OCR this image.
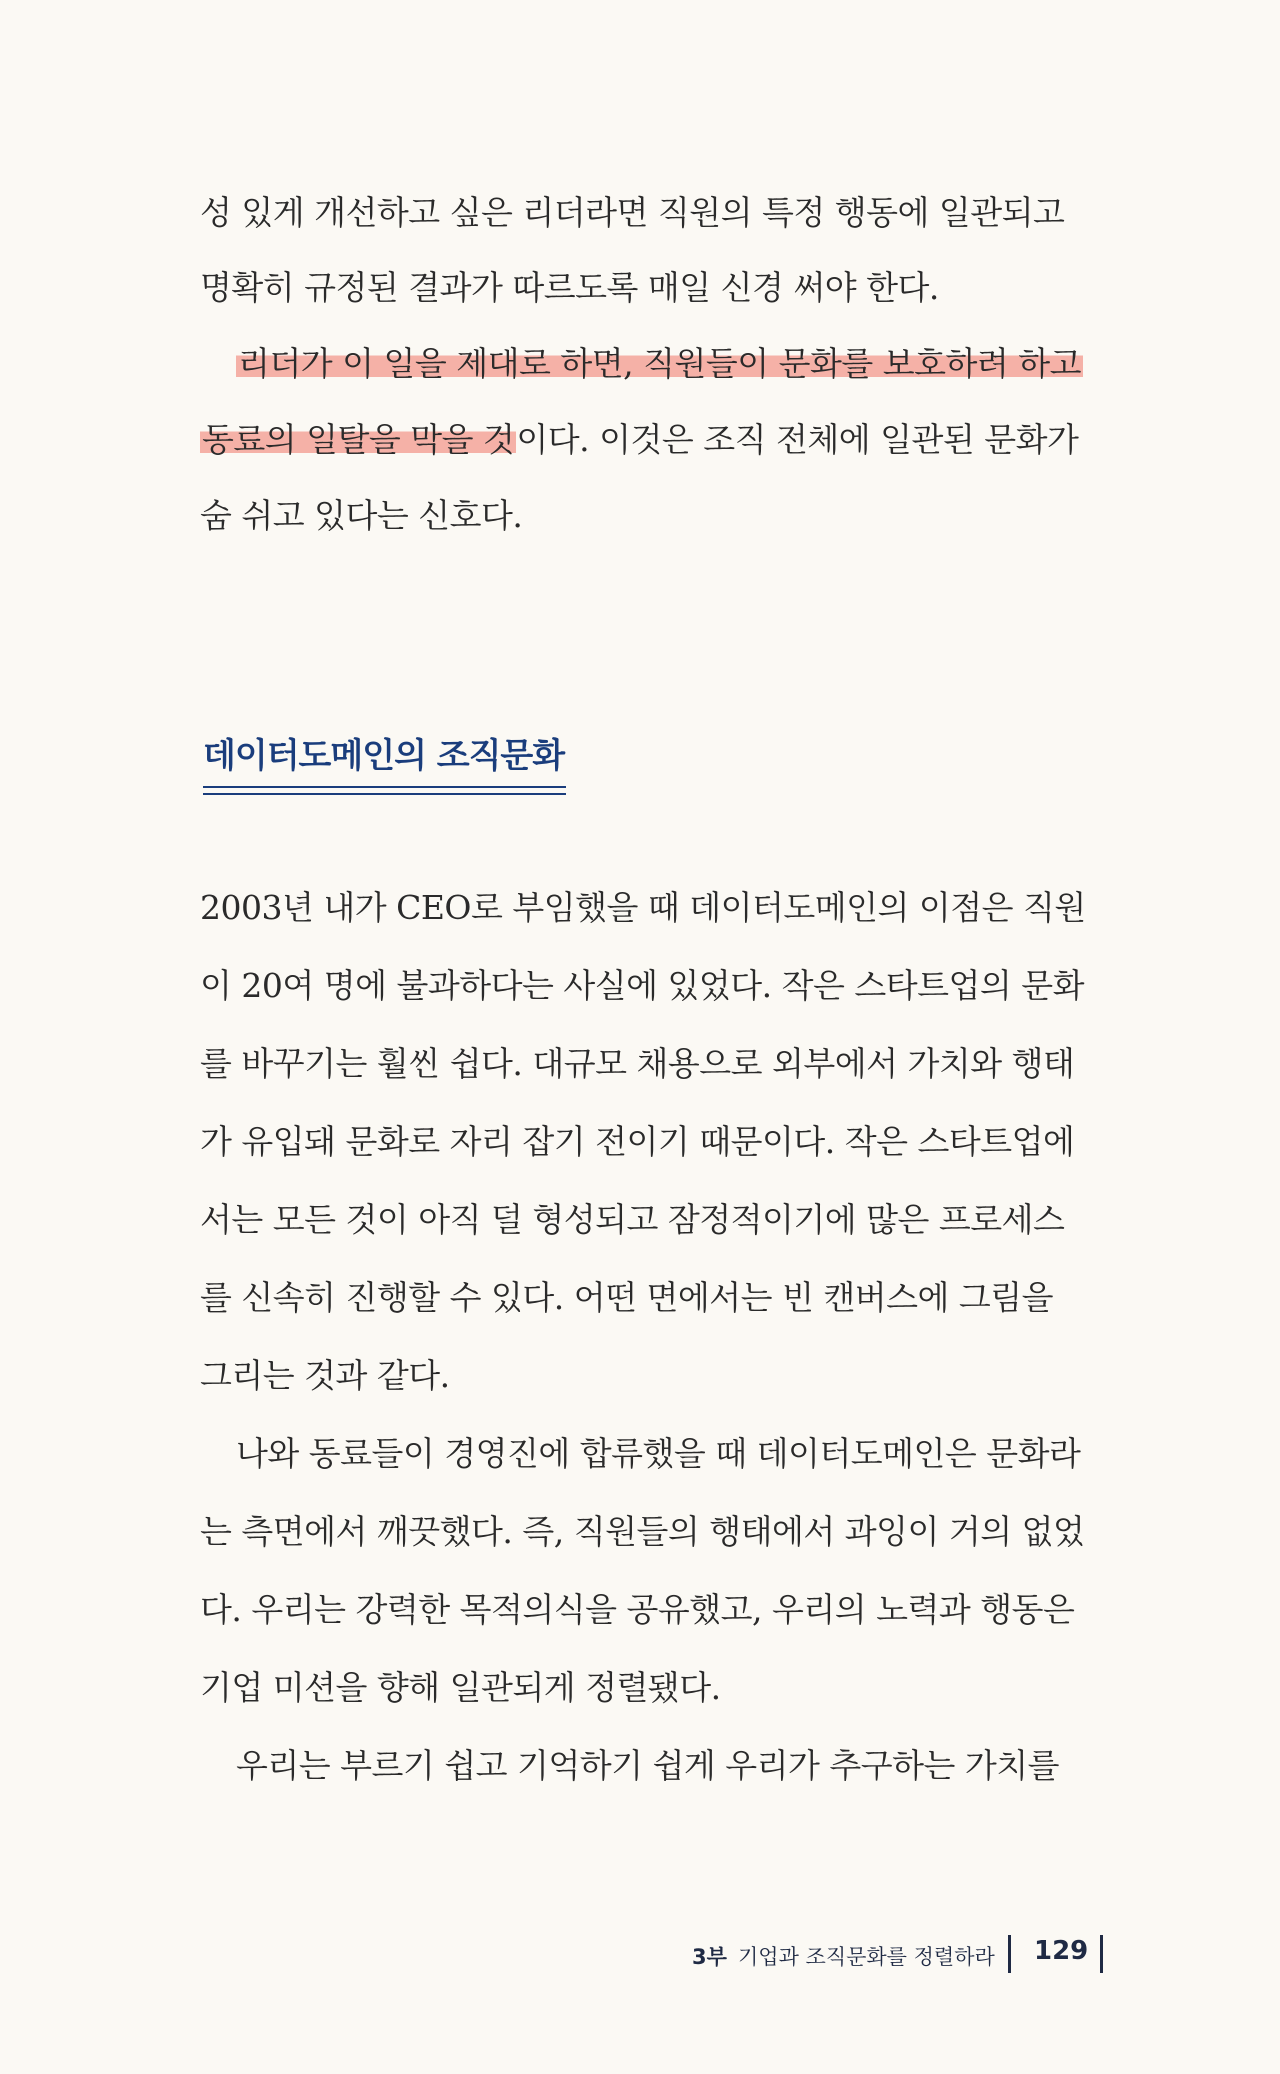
성 있게 개선하고 싶은 리더라면 직원의 특정 행동에 일관되고
명확히 규정된 결과가 따르도록 매일 신경 써야 한다.
리더가 이 일을 제대로 하면, 직원들이 문화를 보호하려 하고
동료의 일탈을 막을 것이다. 이것은 조직 전체에 일관된 문화가
숨 쉬고 있다는 신호다.
데이터도메인의 조직문화
2003년 내가 CEO로 부임했을 때 데이터도메인의 이점은 직원
이 20여 명에 불과하다는 사실에 있었다. 작은 스타트업의 문화
를 바꾸기는 훨씬 쉽다. 대규모 채용으로 외부에서 가치와 행태
가 유입돼 문화로 자리 잡기 전이기 때문이다. 작은 스타트업에
서는 모든 것이 아직 덜 형성되고 잠정적이기에 많은 프로세스
를 신속히 진행할 수 있다. 어떤 면에서는 빈 캔버스에 그림을
그리는 것과 같다.
나와 동료들이 경영진에 합류했을 때 데이터도메인은 문화라
는 측면에서 깨끗했다. 즉, 직원들의 행태에서 과잉이 거의 없었
다. 우리는 강력한 목적의식을 공유했고, 우리의 노력과 행동은
기업 미션을 향해 일관되게 정렬됐다.
우리는 부르기 쉽고 기억하기 쉽게 우리가 추구하는 가치를
3부 기업과 조직문화를 정렬하라 129
